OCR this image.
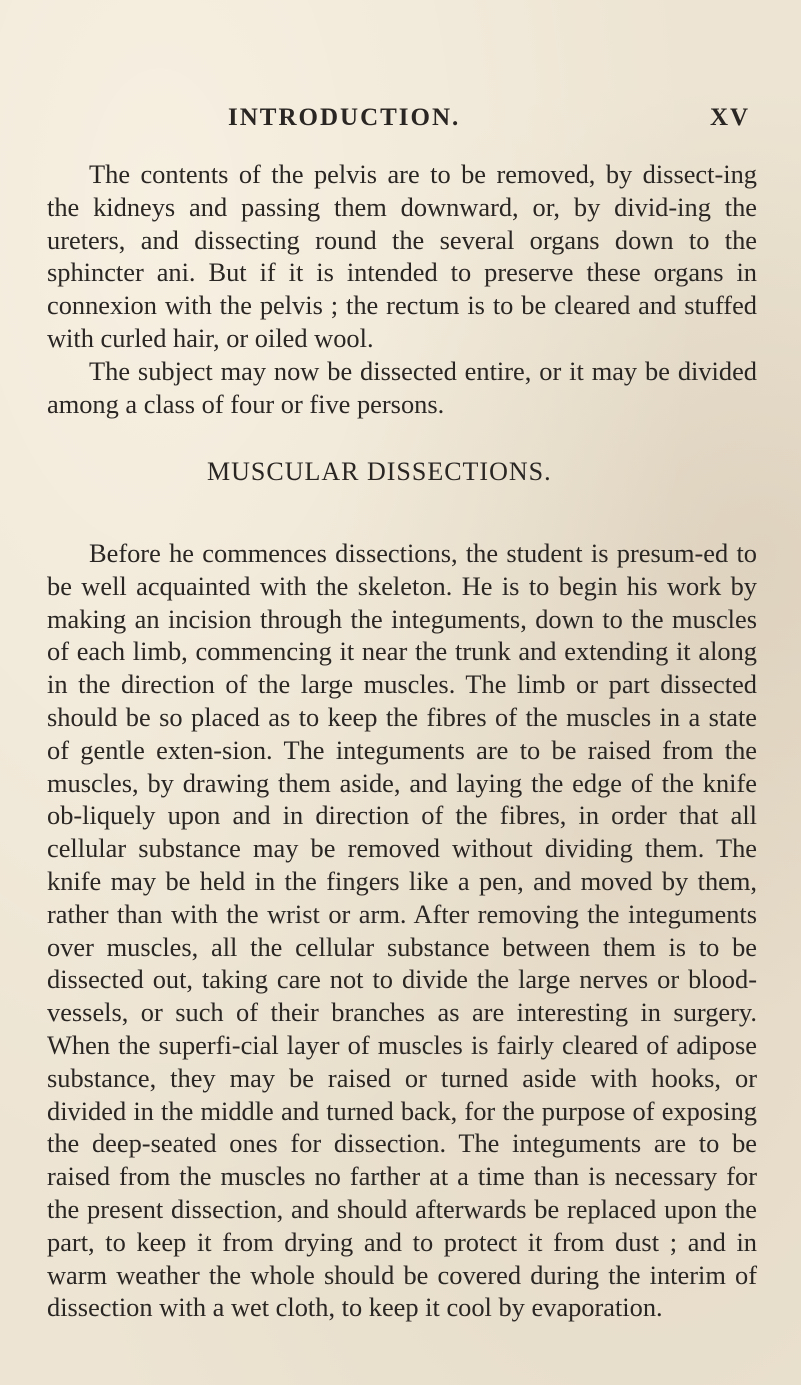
INTRODUCTION.	XV

The contents of the pelvis are to be removed, by dissect-ing the kidneys and passing them downward, or, by divid-ing the ureters, and dissecting round the several organs down to the sphincter ani. But if it is intended to preserve these organs in connexion with the pelvis ; the rectum is to be cleared and stuffed with curled hair, or oiled wool.

The subject may now be dissected entire, or it may be divided among a class of four or five persons.

MUSCULAR DISSECTIONS.

Before he commences dissections, the student is presum-ed to be well acquainted with the skeleton. He is to begin his work by making an incision through the integuments, down to the muscles of each limb, commencing it near the trunk and extending it along in the direction of the large muscles. The limb or part dissected should be so placed as to keep the fibres of the muscles in a state of gentle exten-sion. The integuments are to be raised from the muscles, by drawing them aside, and laying the edge of the knife ob-liquely upon and in direction of the fibres, in order that all cellular substance may be removed without dividing them. The knife may be held in the fingers like a pen, and moved by them, rather than with the wrist or arm. After removing the integuments over muscles, all the cellular substance between them is to be dissected out, taking care not to divide the large nerves or blood-vessels, or such of their branches as are interesting in surgery. When the superfi-cial layer of muscles is fairly cleared of adipose substance, they may be raised or turned aside with hooks, or divided in the middle and turned back, for the purpose of exposing the deep-seated ones for dissection. The integuments are to be raised from the muscles no farther at a time than is necessary for the present dissection, and should afterwards be replaced upon the part, to keep it from drying and to protect it from dust ; and in warm weather the whole should be covered during the interim of dissection with a wet cloth, to keep it cool by evaporation.
